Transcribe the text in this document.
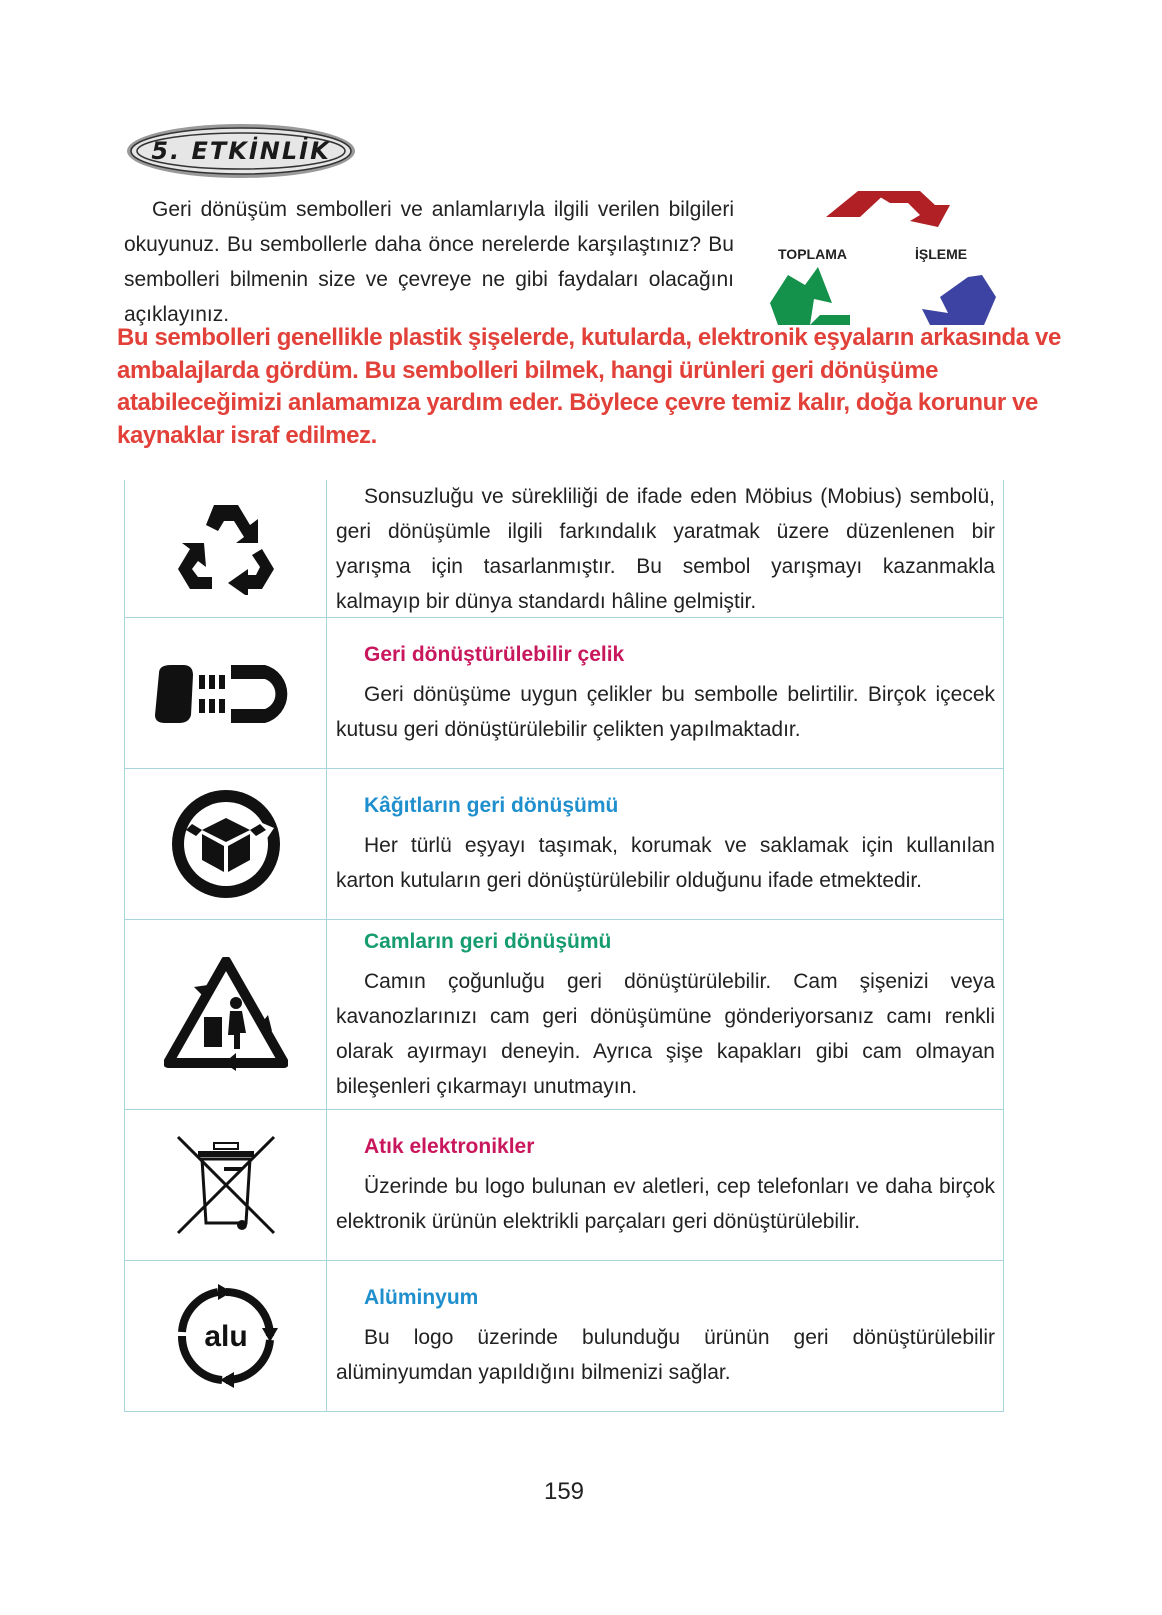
5. ETKİNLİK
Geri dönüşüm sembolleri ve anlamlarıyla ilgili verilen bilgileri okuyunuz. Bu sembollerle daha önce nerelerde karşılaştınız? Bu sembolleri bilmenin size ve çevreye ne gibi faydaları olacağını açıklayınız.
TOPLAMA	İŞLEME
Bu sembolleri genellikle plastik şişelerde, kutularda, elektronik eşyaların arkasında ve ambalajlarda gördüm. Bu sembolleri bilmek, hangi ürünleri geri dönüşüme atabileceğimizi anlamamıza yardım eder. Böylece çevre temiz kalır, doğa korunur ve kaynaklar israf edilmez.

Sonsuzluğu ve sürekliliği de ifade eden Möbius (Mobius) sembolü, geri dönüşümle ilgili farkındalık yaratmak üzere düzenlenen bir yarışma için tasarlanmıştır. Bu sembol yarışmayı kazanmakla kalmayıp bir dünya standardı hâline gelmiştir.

Geri dönüştürülebilir çelik

Geri dönüşüme uygun çelikler bu sembolle belirtilir. Birçok içecek kutusu geri dönüştürülebilir çelikten yapılmaktadır.

Kâğıtların geri dönüşümü

Her türlü eşyayı taşımak, korumak ve saklamak için kullanılan karton kutuların geri dönüştürülebilir olduğunu ifade etmektedir.

Camların geri dönüşümü

Camın çoğunluğu geri dönüştürülebilir. Cam şişenizi veya kavanozlarınızı cam geri dönüşümüne gönderiyorsanız camı renkli olarak ayırmayı deneyin. Ayrıca şişe kapakları gibi cam olmayan bileşenleri çıkarmayı unutmayın.

Atık elektronikler

Üzerinde bu logo bulunan ev aletleri, cep telefonları ve daha birçok elektronik ürünün elektrikli parçaları geri dönüştürülebilir.

alu
Alüminyum

Bu logo üzerinde bulunduğu ürünün geri dönüştürülebilir alüminyumdan yapıldığını bilmenizi sağlar.

159
